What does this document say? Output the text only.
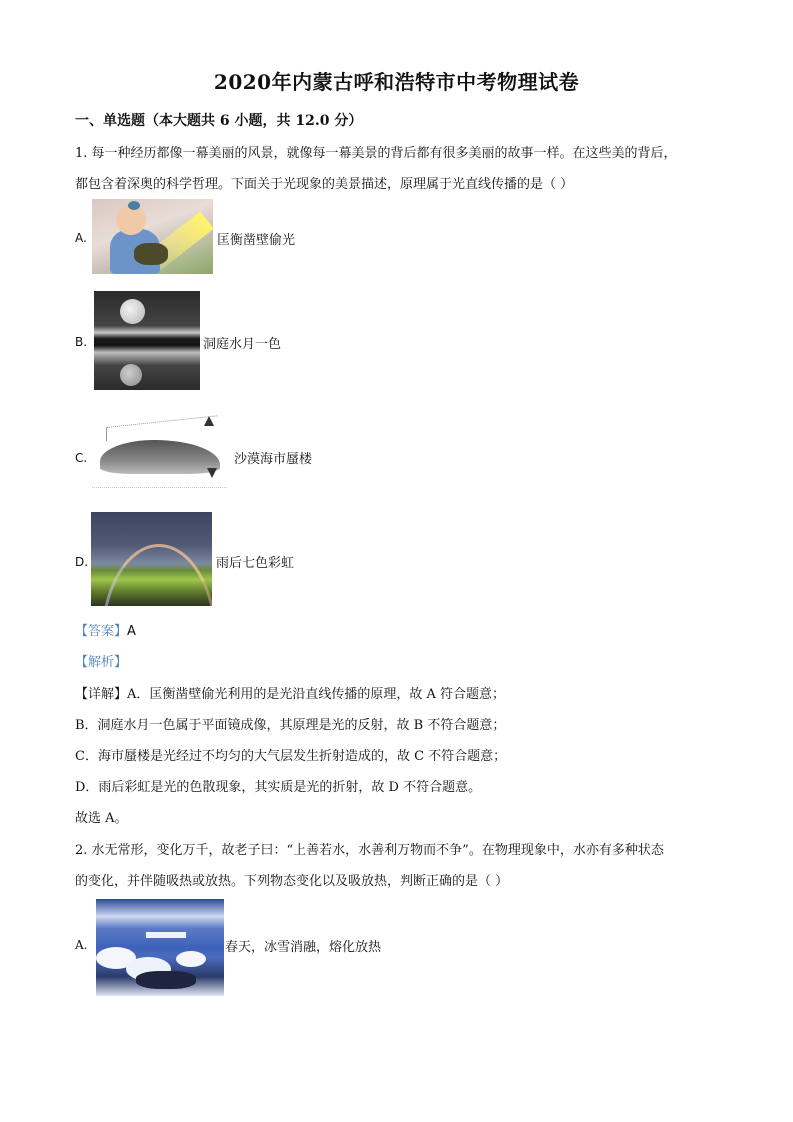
2020年内蒙古呼和浩特市中考物理试卷
一、单选题（本大题共 6 小题，共 12.0 分）
1. 每一种经历都像一幕美丽的风景，就像每一幕美景的背后都有很多美丽的故事一样。在这些美的背后，
都包含着深奥的科学哲理。下面关于光现象的美景描述，原理属于光直线传播的是（ ）
A.	匡衡凿壁偷光
B.	洞庭水月一色
C.	沙漠海市蜃楼
D.	雨后七色彩虹
【答案】A
【解析】
【详解】A．匡衡凿壁偷光利用的是光沿直线传播的原理，故 A 符合题意；
B．洞庭水月一色属于平面镜成像，其原理是光的反射，故 B 不符合题意；
C．海市蜃楼是光经过不均匀的大气层发生折射造成的，故 C 不符合题意；
D．雨后彩虹是光的色散现象，其实质是光的折射，故 D 不符合题意。
故选 A。
2. 水无常形，变化万千，故老子曰：“上善若水，水善利万物而不争”。在物理现象中，水亦有多种状态
的变化，并伴随吸热或放热。下列物态变化以及吸放热，判断正确的是（ ）
A.	春天，冰雪消融，熔化放热
